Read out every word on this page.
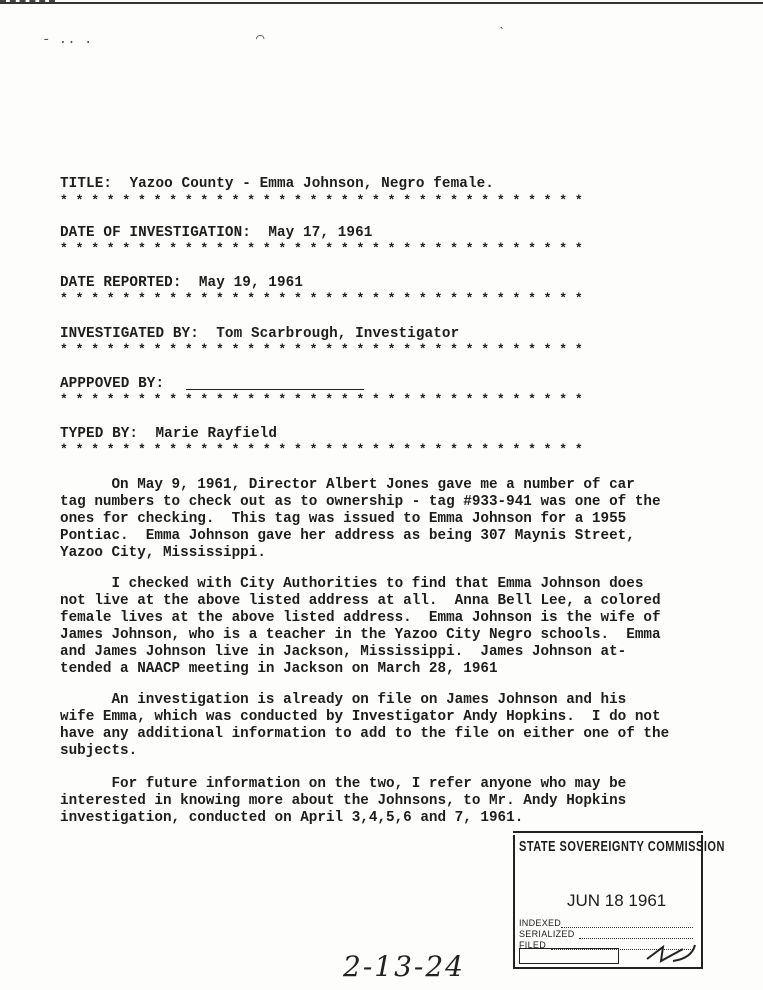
- .. .	⌒	ˋ
TITLE: Yazoo County - Emma Johnson, Negro female.
* * * * * * * * * * * * * * * * * * * * * * * * * * * * * * * * * *
DATE OF INVESTIGATION: May 17, 1961
* * * * * * * * * * * * * * * * * * * * * * * * * * * * * * * * * *
DATE REPORTED: May 19, 1961
* * * * * * * * * * * * * * * * * * * * * * * * * * * * * * * * * *
INVESTIGATED BY: Tom Scarbrough, Investigator
* * * * * * * * * * * * * * * * * * * * * * * * * * * * * * * * * *
APPPOVED BY:
* * * * * * * * * * * * * * * * * * * * * * * * * * * * * * * * * *
TYPED BY: Marie Rayfield
* * * * * * * * * * * * * * * * * * * * * * * * * * * * * * * * * *

On May 9, 1961, Director Albert Jones gave me a number of car

tag numbers to check out as to ownership - tag #933-941 was one of the

ones for checking.  This tag was issued to Emma Johnson for a 1955

Pontiac.  Emma Johnson gave her address as being 307 Maynis Street,

Yazoo City, Mississippi.

I checked with City Authorities to find that Emma Johnson does

not live at the above listed address at all.  Anna Bell Lee, a colored

female lives at the above listed address.  Emma Johnson is the wife of

James Johnson, who is a teacher in the Yazoo City Negro schools.  Emma

and James Johnson live in Jackson, Mississippi.  James Johnson at-

tended a NAACP meeting in Jackson on March 28, 1961

An investigation is already on file on James Johnson and his

wife Emma, which was conducted by Investigator Andy Hopkins.  I do not

have any additional information to add to the file on either one of the

subjects.

For future information on the two, I refer anyone who may be

interested in knowing more about the Johnsons, to Mr. Andy Hopkins

investigation, conducted on April 3,4,5,6 and 7, 1961.

STATE SOVEREIGNTY COMMISSION
JUN 18 1961
INDEXED
SERIALIZED
FILED
2-13-24
